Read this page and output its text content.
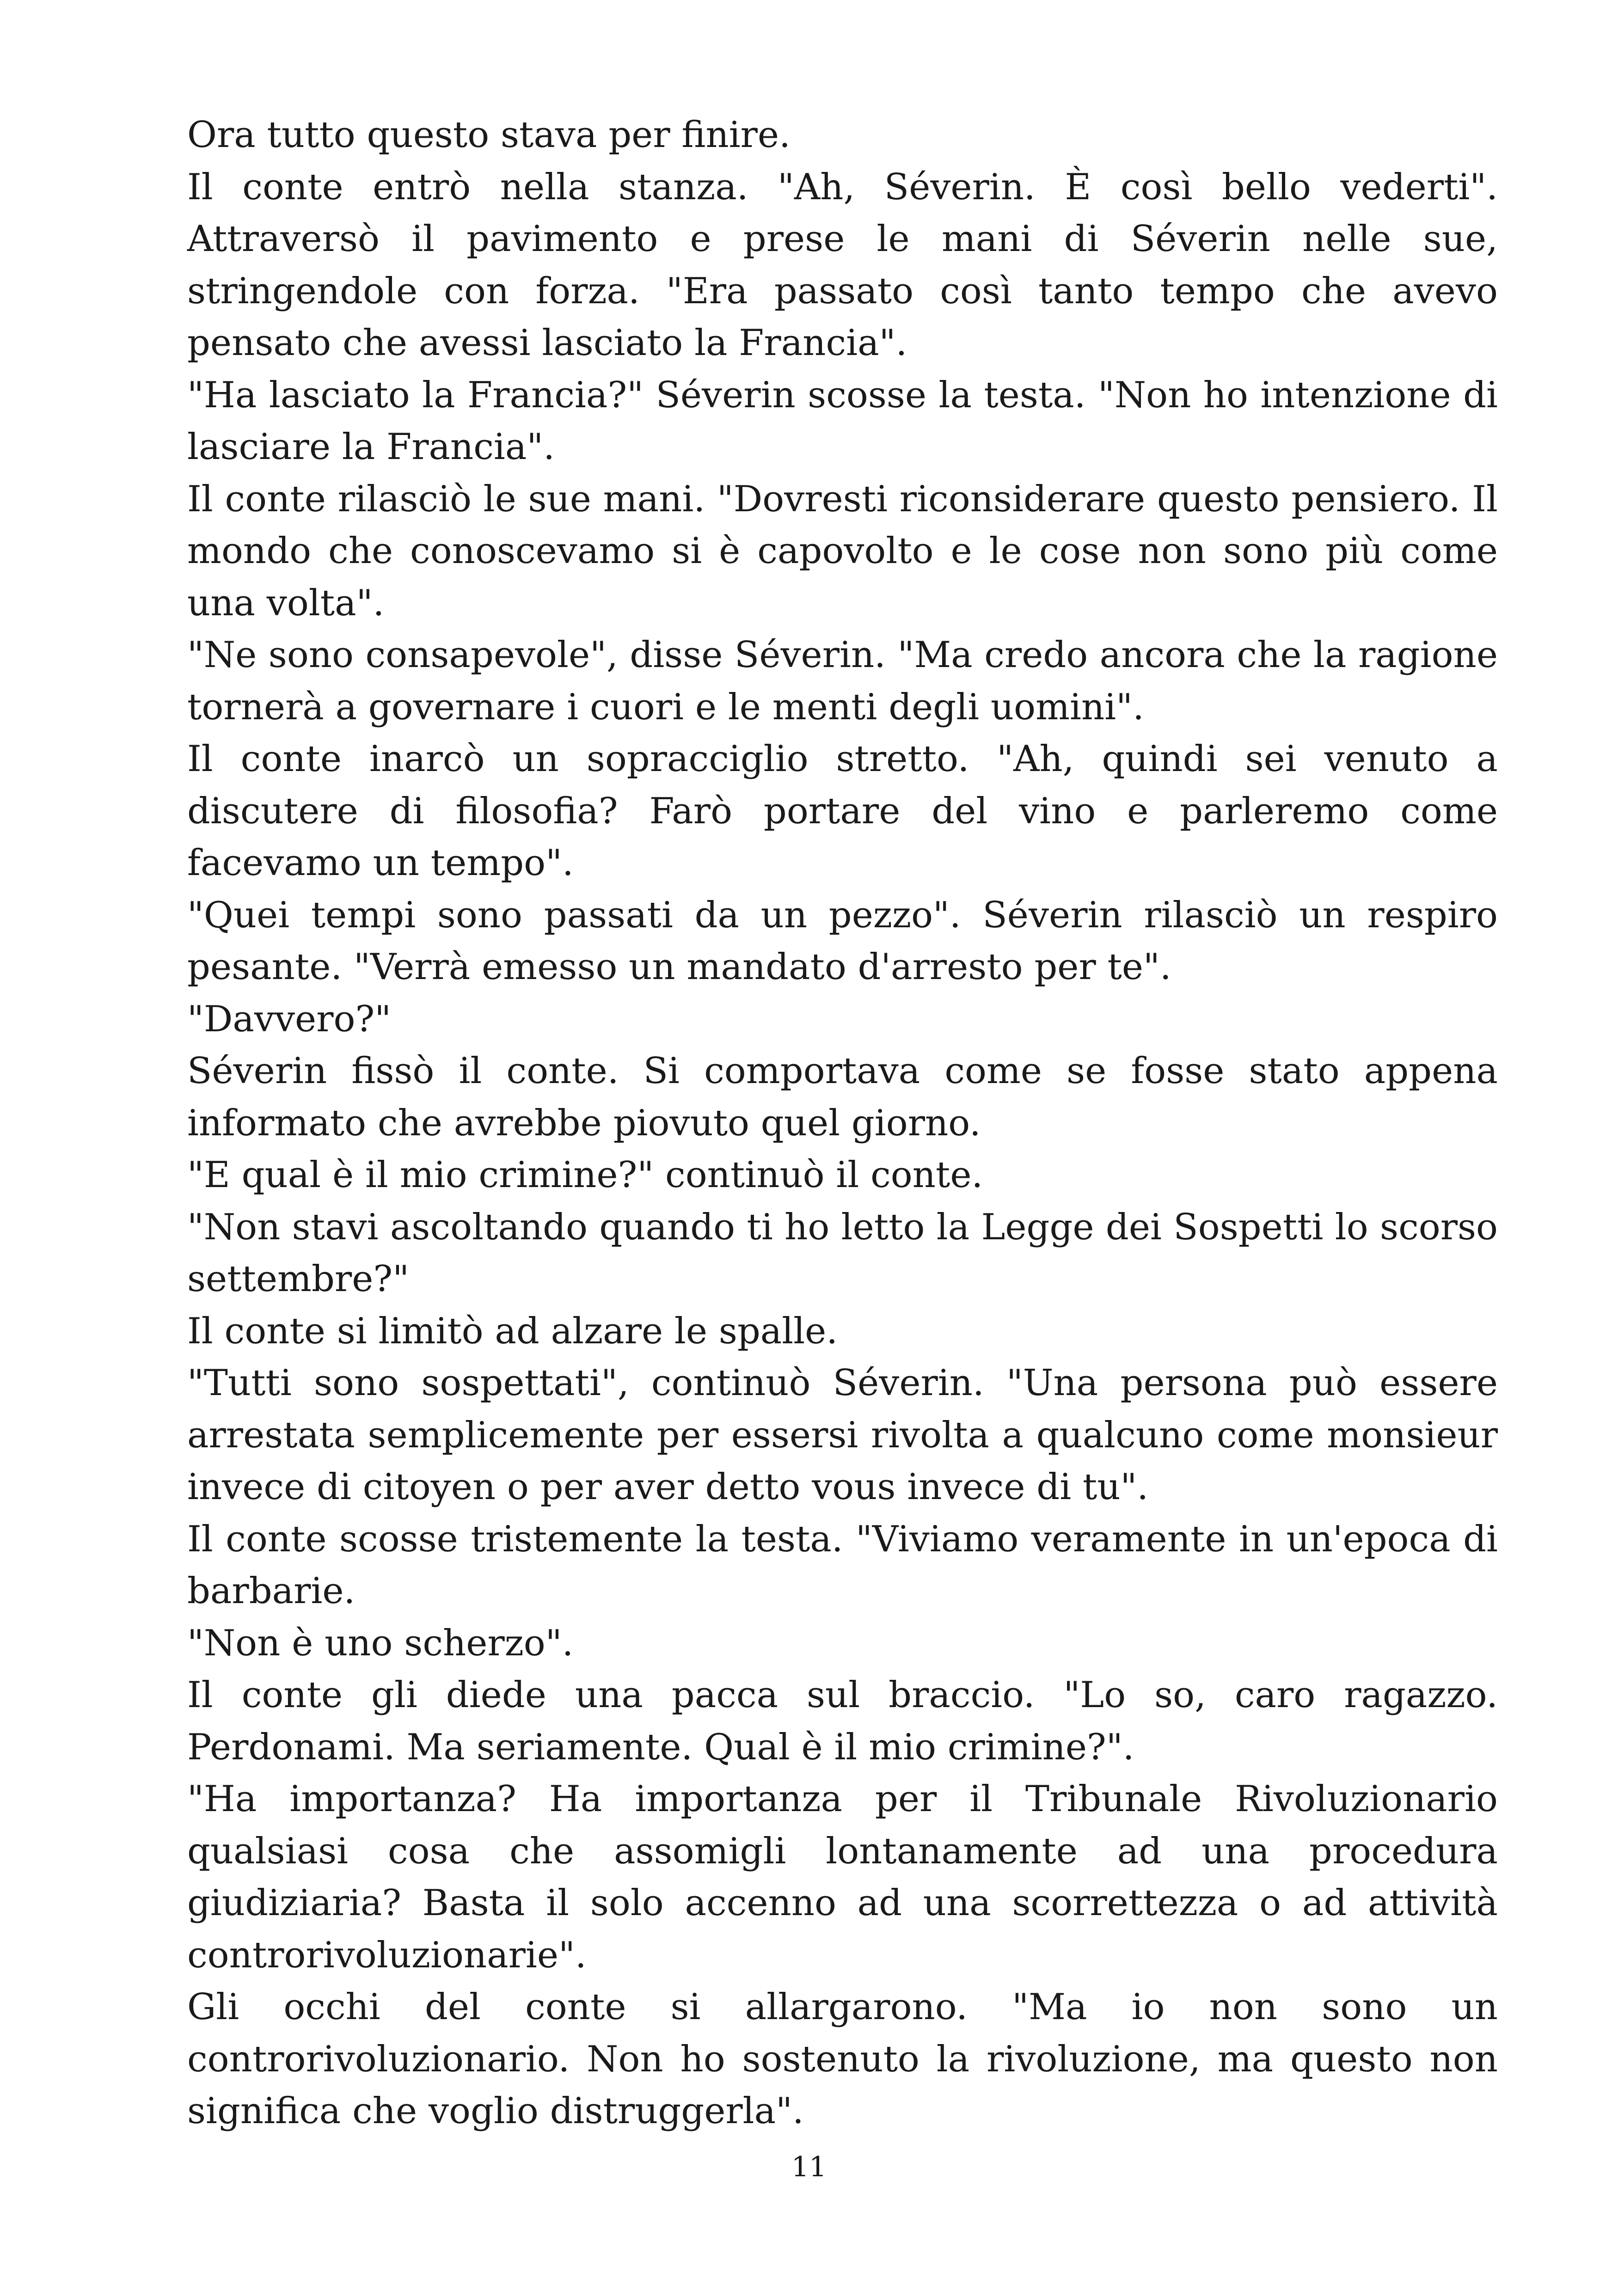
Ora tutto questo stava per finire.

Il conte entrò nella stanza. "Ah, Séverin. È così bello vederti". Attraversò il pavimento e prese le mani di Séverin nelle sue, stringendole con forza. "Era passato così tanto tempo che avevo pensato che avessi lasciato la Francia".

"Ha lasciato la Francia?" Séverin scosse la testa. "Non ho intenzione di lasciare la Francia".

Il conte rilasciò le sue mani. "Dovresti riconsiderare questo pensiero. Il mondo che conoscevamo si è capovolto e le cose non sono più come una volta".

"Ne sono consapevole", disse Séverin. "Ma credo ancora che la ragione tornerà a governare i cuori e le menti degli uomini".

Il conte inarcò un sopracciglio stretto. "Ah, quindi sei venuto a discutere di filosofia? Farò portare del vino e parleremo come facevamo un tempo".

"Quei tempi sono passati da un pezzo". Séverin rilasciò un respiro pesante. "Verrà emesso un mandato d'arresto per te".

"Davvero?"

Séverin fissò il conte. Si comportava come se fosse stato appena informato che avrebbe piovuto quel giorno.

"E qual è il mio crimine?" continuò il conte.

"Non stavi ascoltando quando ti ho letto la Legge dei Sospetti lo scorso settembre?"

Il conte si limitò ad alzare le spalle.

"Tutti sono sospettati", continuò Séverin. "Una persona può essere arrestata semplicemente per essersi rivolta a qualcuno come monsieur invece di citoyen o per aver detto vous invece di tu".

Il conte scosse tristemente la testa. "Viviamo veramente in un'epoca di barbarie.

"Non è uno scherzo".

Il conte gli diede una pacca sul braccio. "Lo so, caro ragazzo. Perdonami. Ma seriamente. Qual è il mio crimine?".

"Ha importanza? Ha importanza per il Tribunale Rivoluzionario qualsiasi cosa che assomigli lontanamente ad una procedura giudiziaria? Basta il solo accenno ad una scorrettezza o ad attività controrivoluzionarie".

Gli occhi del conte si allargarono. "Ma io non sono un controrivoluzionario. Non ho sostenuto la rivoluzione, ma questo non significa che voglio distruggerla".

11
